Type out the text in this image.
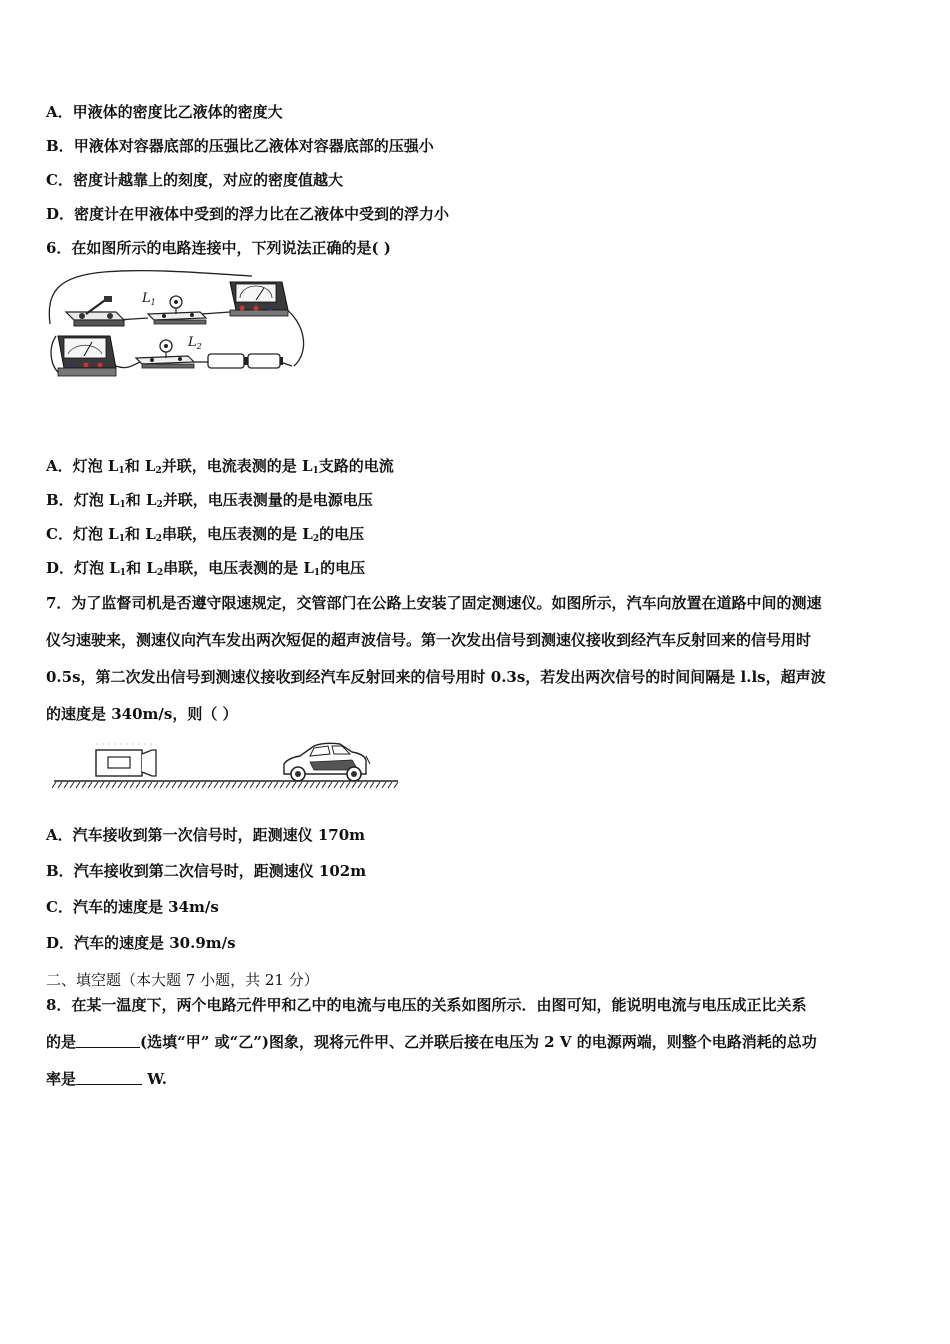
A．甲液体的密度比乙液体的密度大
B．甲液体对容器底部的压强比乙液体对容器底部的压强小
C．密度计越靠上的刻度，对应的密度值越大
D．密度计在甲液体中受到的浮力比在乙液体中受到的浮力小
6．在如图所示的电路连接中，下列说法正确的是( )
$L_1$
$L_2$
A．灯泡 $L_1$和 $L_2$并联，电流表测的是 $L_1$支路的电流
B．灯泡 $L_1$和 $L_2$并联，电压表测量的是电源电压
C．灯泡 $L_1$和 $L_2$串联，电压表测的是 $L_2$的电压
D．灯泡 $L_1$和 $L_2$串联，电压表测的是 $L_1$的电压
7．为了监督司机是否遵守限速规定，交管部门在公路上安装了固定测速仪。如图所示，汽车向放置在道路中间的测速
仪匀速驶来，测速仪向汽车发出两次短促的超声波信号。第一次发出信号到测速仪接收到经汽车反射回来的信号用时
0.5s，第二次发出信号到测速仪接收到经汽车反射回来的信号用时 0.3s，若发出两次信号的时间间隔是 l.ls，超声波
的速度是 340m/s，则（ ）
A．汽车接收到第一次信号时，距测速仪 170m
B．汽车接收到第二次信号时，距测速仪 102m
C．汽车的速度是 34m/s
D．汽车的速度是 30.9m/s
二、填空题（本大题 7 小题，共 21 分）
8．在某一温度下，两个电路元件甲和乙中的电流与电压的关系如图所示．由图可知，能说明电流与电压成正比关系
的是	(选填“甲” 或“乙”)图象，现将元件甲、乙并联后接在电压为 2 V 的电源两端，则整个电路消耗的总功
率是	W.
